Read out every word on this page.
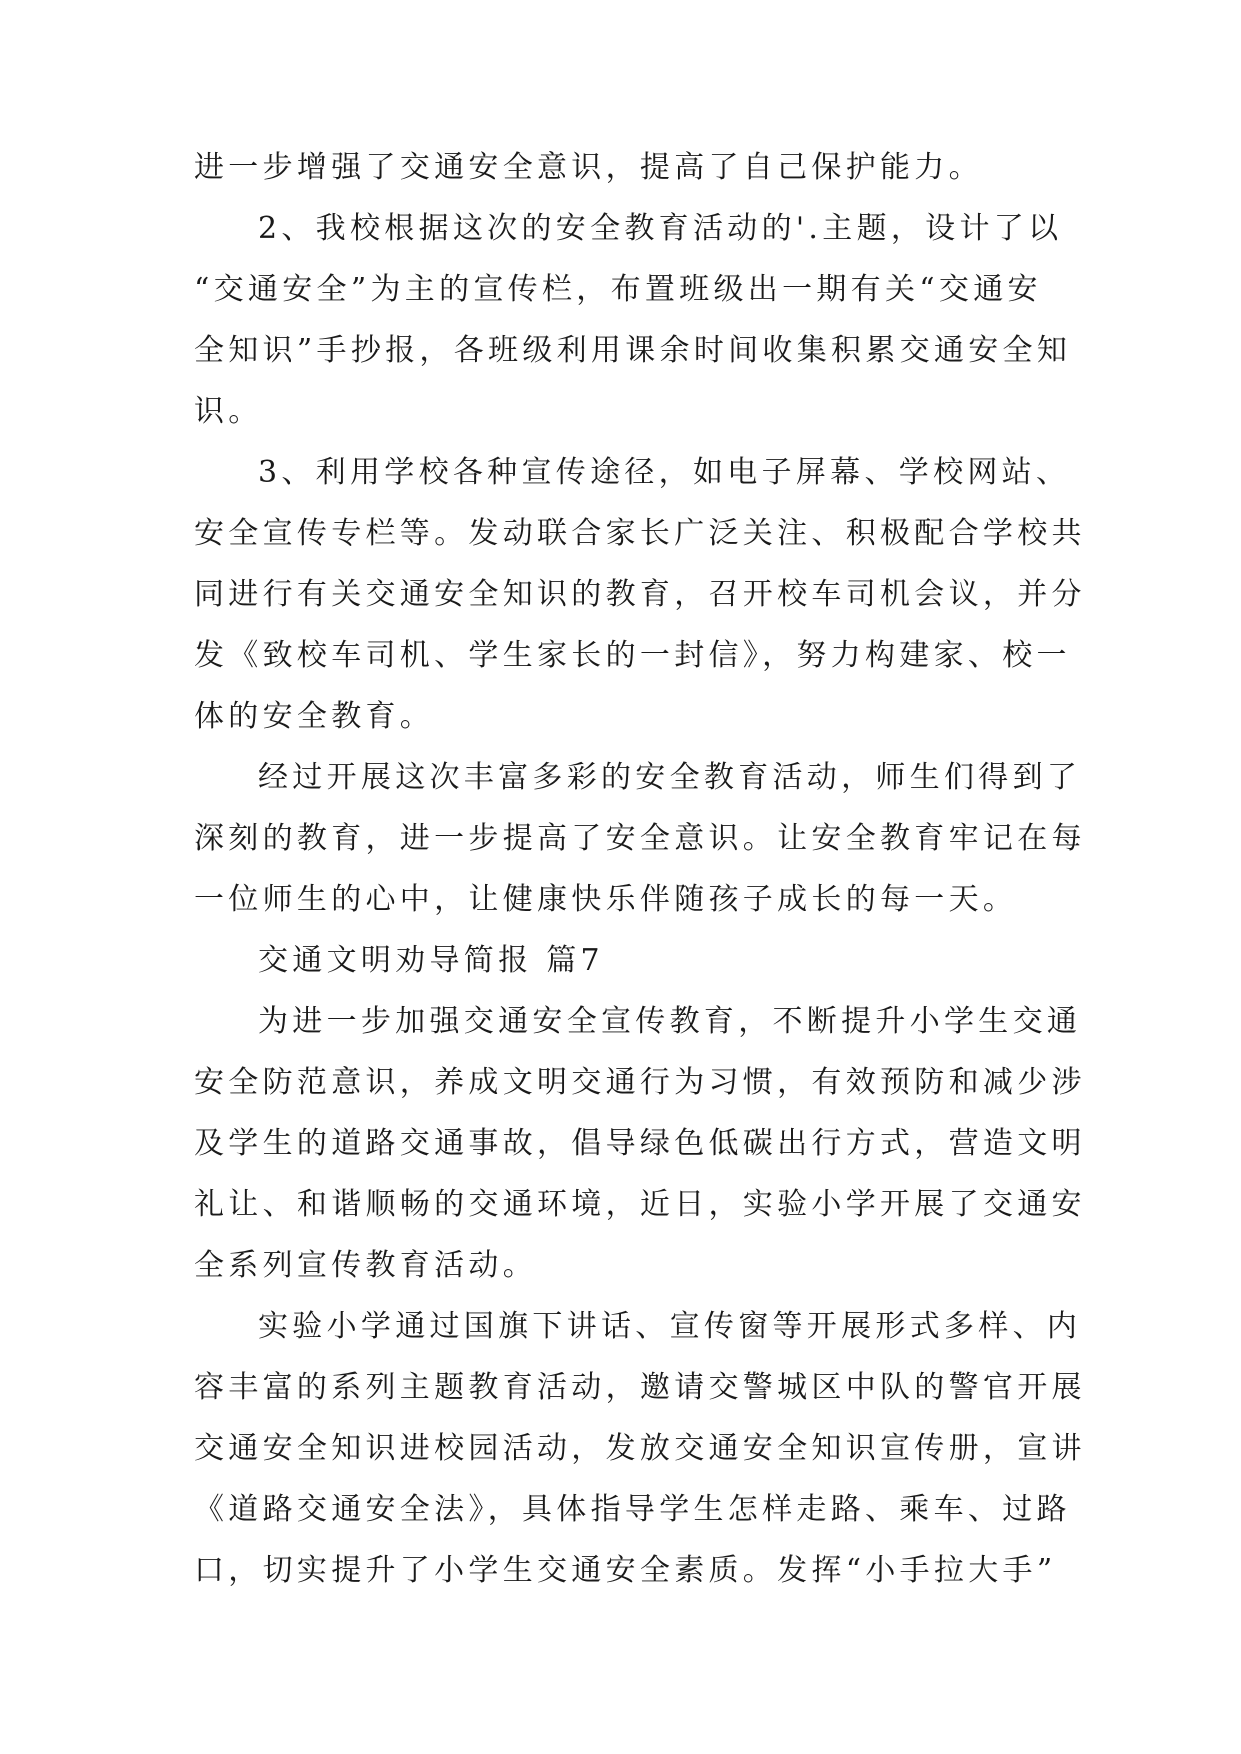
进一步增强了交通安全意识，提高了自己保护能力。
2、我校根据这次的安全教育活动的'.主题，设计了以
“交通安全”为主的宣传栏，布置班级出一期有关“交通安
全知识”手抄报，各班级利用课余时间收集积累交通安全知
识。
3、利用学校各种宣传途径，如电子屏幕、学校网站、
安全宣传专栏等。发动联合家长广泛关注、积极配合学校共
同进行有关交通安全知识的教育，召开校车司机会议，并分
发《致校车司机、学生家长的一封信》，努力构建家、校一
体的安全教育。
经过开展这次丰富多彩的安全教育活动，师生们得到了
深刻的教育，进一步提高了安全意识。让安全教育牢记在每
一位师生的心中，让健康快乐伴随孩子成长的每一天。
交通文明劝导简报 篇7
为进一步加强交通安全宣传教育，不断提升小学生交通
安全防范意识，养成文明交通行为习惯，有效预防和减少涉
及学生的道路交通事故，倡导绿色低碳出行方式，营造文明
礼让、和谐顺畅的交通环境，近日，实验小学开展了交通安
全系列宣传教育活动。
实验小学通过国旗下讲话、宣传窗等开展形式多样、内
容丰富的系列主题教育活动，邀请交警城区中队的警官开展
交通安全知识进校园活动，发放交通安全知识宣传册，宣讲
《道路交通安全法》，具体指导学生怎样走路、乘车、过路
口，切实提升了小学生交通安全素质。发挥“小手拉大手”
